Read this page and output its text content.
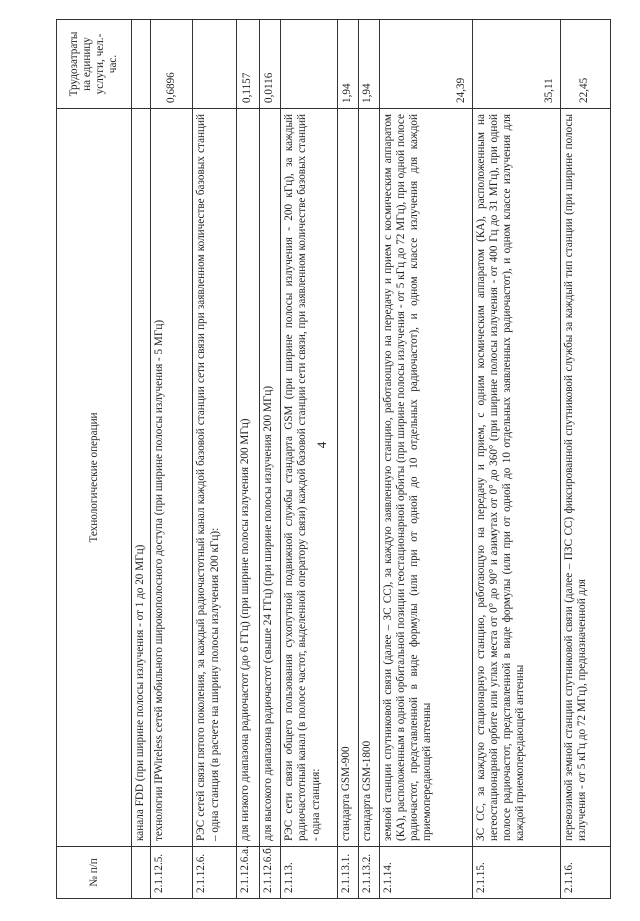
4
№ п/п	Технологические операции	Трудозатраты на единицу услуги, чел.-час.
	канала FDD (при ширине полосы излучения - от 1 до 20 МГц)	
2.1.12.5.	технологии IPWireless сетей мобильного широкополосного доступа (при ширине полосы излучения - 5 МГц)	0,6896
2.1.12.6.	РЭС сетей связи пятого поколения, за каждый радиочастотный канал каждой базовой станции сети связи при заявленном количестве базовых станций – одна станция (в расчете на ширину полосы излучения 200 кГц):	
2.1.12.6.а.	для низкого диапазона радиочастот (до 6 ГГц) (при ширине полосы излучения 200 МГц)	0,1157
2.1.12.6.б.	для высокого диапазона радиочастот (свыше 24 ГГц) (при ширине полосы излучения 200 МГц)	0,0116
2.1.13.	РЭС сети связи общего пользования сухопутной подвижной службы стандарта GSM (при ширине полосы излучения - 200 кГц), за каждый радиочастотный канал (в полосе частот, выделенной оператору связи) каждой базовой станции сети связи, при заявленном количестве базовых станций - одна станция:	
2.1.13.1.	стандарта GSM-900	1,94
2.1.13.2.	стандарта GSM-1800	1,94
2.1.14.	земной станции спутниковой связи (далее – ЗС СС), за каждую заявленную станцию, работающую на передачу и прием с космическим аппаратом (КА), расположенным в одной орбитальной позиции геостационарной орбиты (при ширине полосы излучения - от 5 кГц до 72 МГц), при одной полосе радиочастот, представленной в виде формулы (или при от одной до 10 отдельных радиочастот), и одном классе излучения для каждой приемопередающей антенны	24,39
2.1.15.	ЗС СС, за каждую стационарную станцию, работающую на передачу и прием, с одним космическим аппаратом (КА), расположенным на негеостационарной орбите или углах места от 0° до 90° и азимутах от 0° до 360° (при ширине полосы излучения - от 400 Гц до 31 МГц), при одной полосе радиочастот, представленной в виде формулы (или при от одной до 10 отдельных заявленных радиочастот), и одном классе излучения для каждой приемопередающей антенны	35,11
2.1.16.	перевозимой земной станции спутниковой связи (далее – ПЗС СС) фиксированной спутниковой службы за каждый тип станции (при ширине полосы излучения - от 5 кГц до 72 МГц), предназначенной для	22,45
